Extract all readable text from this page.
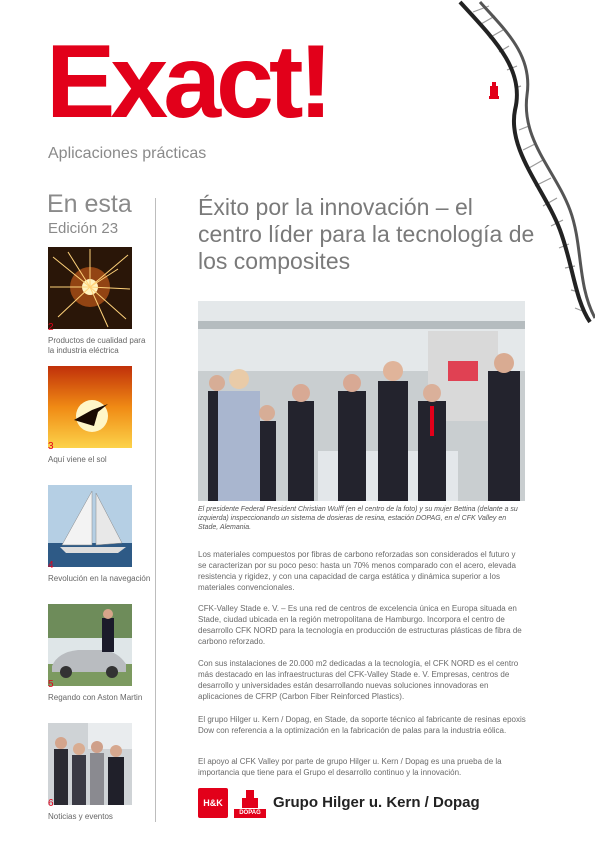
Exact!
Aplicaciones prácticas
En esta
Edición 23
2
Productos de cualidad para la industria eléctrica
3
Aquí viene el sol
4
Revolución en la navegación
5
Regando con Aston Martin
6
Noticias y eventos
Éxito por la innovación – el centro líder para la tecnología de los composites
El presidente Federal President Christian Wulff (en el centro de la foto) y su mujer Bettina (delante a su izquierda) inspeccionando un sistema de dosieras de resina, estación DOPAG, en el CFK Valley en Stade, Alemania.

Los materiales compuestos por fibras de carbono reforzadas son considerados el futuro y se caracterizan por su poco peso: hasta un 70% menos comparado con el acero, elevada resistencia y rigidez, y con una capacidad de carga estática y dinámica superior a los materiales convencionales.

CFK-Valley Stade e. V. – Es una red de centros de excelencia única en Europa situada en Stade, ciudad ubicada en la región metropolitana de Hamburgo. Incorpora el centro de desarrollo CFK NORD para la tecnología en producción de estructuras plásticas de fibra de carbono reforzado.

Con sus instalaciones de 20.000 m2 dedicadas a la tecnología, el CFK NORD es el centro más destacado en las infraestructuras del CFK-Valley Stade e. V. Empresas, centros de desarrollo y universidades están desarrollando nuevas soluciones innovadoras en aplicaciones de CFRP (Carbon Fiber Reinforced Plastics).

El grupo Hilger u. Kern / Dopag, en Stade, da soporte técnico al fabricante de resinas epoxis Dow con referencia a la optimización en la fabricación de palas para la industria eólica.

El apoyo al CFK Valley por parte de grupo Hilger u. Kern / Dopag es una prueba de la importancia que tiene para el Grupo el desarrollo continuo y la innovación.

H&K
DOPAG
Grupo Hilger u. Kern / Dopag
